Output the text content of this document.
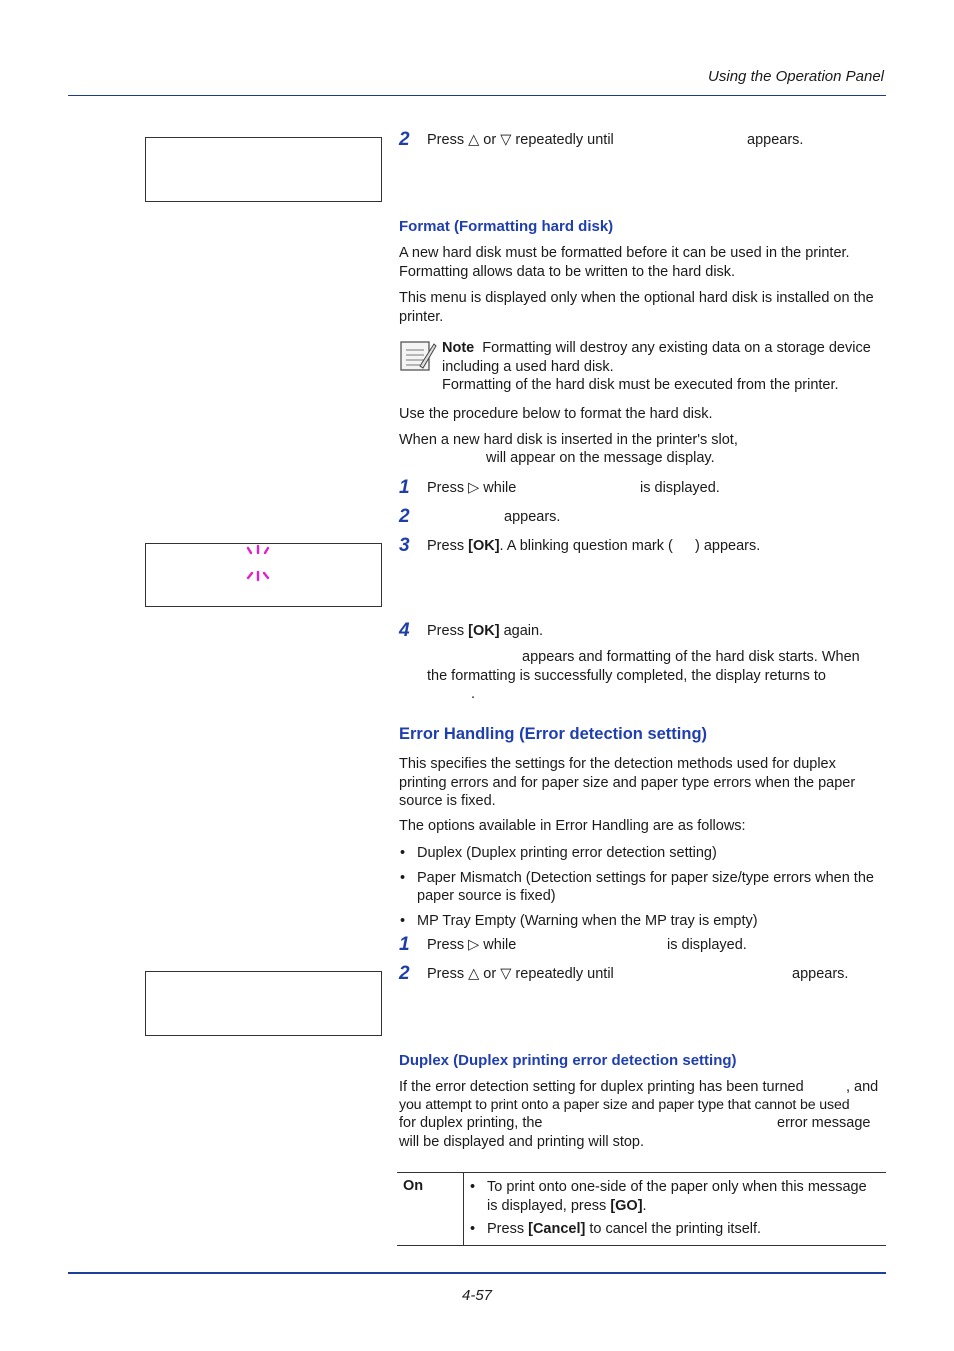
Using the Operation Panel
2 Press △ or ▽ repeatedly until	appears.
Format (Formatting hard disk)

A new hard disk must be formatted before it can be used in the printer. Formatting allows data to be written to the hard disk.

This menu is displayed only when the optional hard disk is installed on the printer.

Note Formatting will destroy any existing data on a storage device including a used hard disk.

Formatting of the hard disk must be executed from the printer.

Use the procedure below to format the hard disk.
When a new hard disk is inserted in the printer's slot,
will appear on the message display.
1 Press ▷ while	is displayed.
2	appears.
3 Press [OK]. A blinking question mark ( ) appears.
4 Press [OK] again.
appears and formatting of the hard disk starts. When
the formatting is successfully completed, the display returns to
.
Error Handling (Error detection setting)

This specifies the settings for the detection methods used for duplex printing errors and for paper size and paper type errors when the paper source is fixed.

The options available in Error Handling are as follows:
• Duplex (Duplex printing error detection setting)
• Paper Mismatch (Detection settings for paper size/type errors when the paper source is fixed)
• MP Tray Empty (Warning when the MP tray is empty)
1 Press ▷ while	is displayed.
2 Press △ or ▽ repeatedly until	appears.
Duplex (Duplex printing error detection setting)
If the error detection setting for duplex printing has been turned	, and
you attempt to print onto a paper size and paper type that cannot be used
for duplex printing, the	error message
will be displayed and printing will stop.
On
•	To print onto one-side of the paper only when this message is displayed, press [GO].
• Press [Cancel] to cancel the printing itself.
4-57
